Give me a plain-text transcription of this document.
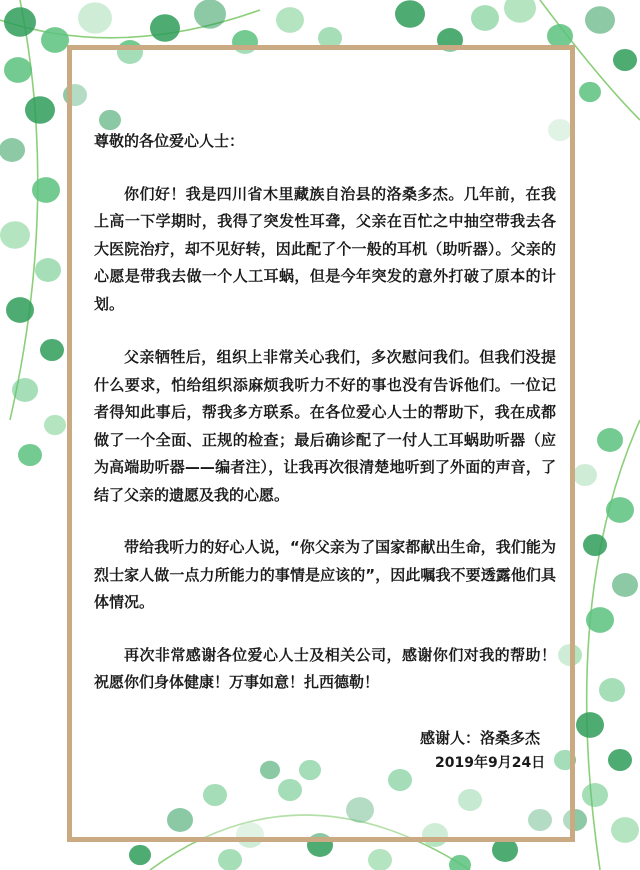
尊敬的各位爱心人士：
你们好！我是四川省木里藏族自治县的洛桑多杰。几年前，在我上高一下学期时，我得了突发性耳聋，父亲在百忙之中抽空带我去各大医院治疗，却不见好转，因此配了个一般的耳机（助听器）。父亲的心愿是带我去做一个人工耳蜗，但是今年突发的意外打破了原本的计划。
父亲牺牲后，组织上非常关心我们，多次慰问我们。但我们没提什么要求，怕给组织添麻烦我听力不好的事也没有告诉他们。一位记者得知此事后，帮我多方联系。在各位爱心人士的帮助下，我在成都做了一个全面、正规的检查；最后确诊配了一付人工耳蜗助听器（应为高端助听器——编者注），让我再次很清楚地听到了外面的声音，了结了父亲的遗愿及我的心愿。
带给我听力的好心人说，“你父亲为了国家都献出生命，我们能为烈士家人做一点力所能力的事情是应该的”，因此嘱我不要透露他们具体情况。
再次非常感谢各位爱心人士及相关公司，感谢你们对我的帮助！祝愿你们身体健康！万事如意！扎西德勒！
感谢人：洛桑多杰
2019年9月24日
